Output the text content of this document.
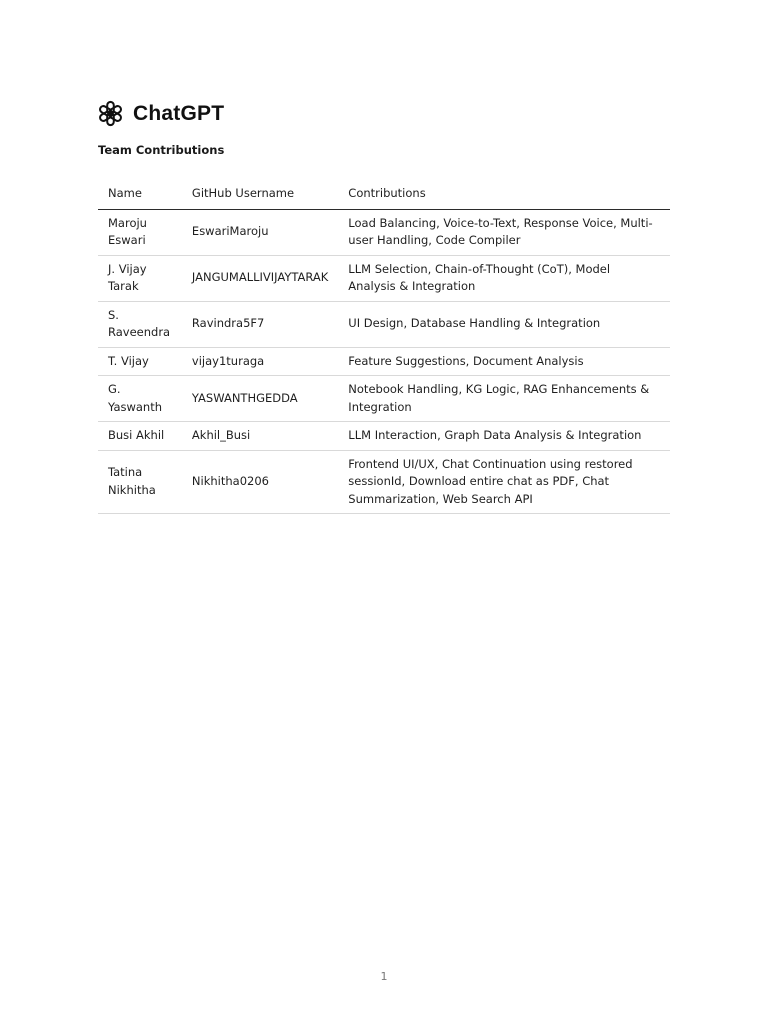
ChatGPT
Team Contributions
Name	GitHub Username	Contributions
Maroju Eswari	EswariMaroju	Load Balancing, Voice-to-Text, Response Voice, Multi-user Handling, Code Compiler
J. Vijay Tarak	JANGUMALLIVIJAYTARAK	LLM Selection, Chain-of-Thought (CoT), Model Analysis & Integration
S. Raveendra	Ravindra5F7	UI Design, Database Handling & Integration
T. Vijay	vijay1turaga	Feature Suggestions, Document Analysis
G. Yaswanth	YASWANTHGEDDA	Notebook Handling, KG Logic, RAG Enhancements & Integration
Busi Akhil	Akhil_Busi	LLM Interaction, Graph Data Analysis & Integration
Tatina Nikhitha	Nikhitha0206	Frontend UI/UX, Chat Continuation using restored sessionId, Download entire chat as PDF, Chat Summarization, Web Search API
1
